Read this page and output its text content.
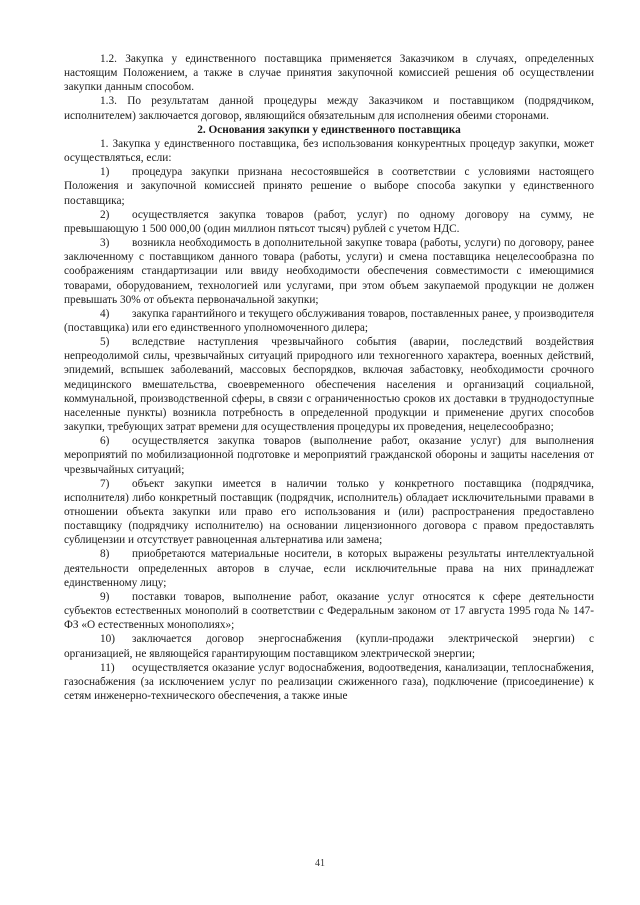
1.2. Закупка у единственного поставщика применяется Заказчиком в случаях, определенных настоящим Положением, а также в случае принятия закупочной комиссией решения об осуществлении закупки данным способом.

1.3. По результатам данной процедуры между Заказчиком и поставщиком (подрядчиком, исполнителем) заключается договор, являющийся обязательным для исполнения обеими сторонами.

2. Основания закупки у единственного поставщика

1. Закупка у единственного поставщика, без использования конкурентных процедур закупки, может осуществляться, если:

1) процедура закупки признана несостоявшейся в соответствии с условиями настоящего Положения и закупочной комиссией принято решение о выборе способа закупки у единственного поставщика;

2) осуществляется закупка товаров (работ, услуг) по одному договору на сумму, не превышающую 1 500 000,00 (один миллион пятьсот тысяч) рублей с учетом НДС.

3) возникла необходимость в дополнительной закупке товара (работы, услуги) по договору, ранее заключенному с поставщиком данного товара (работы, услуги) и смена поставщика нецелесообразна по соображениям стандартизации или ввиду необходимости обеспечения совместимости с имеющимися товарами, оборудованием, технологией или услугами, при этом объем закупаемой продукции не должен превышать 30% от объекта первоначальной закупки;

4) закупка гарантийного и текущего обслуживания товаров, поставленных ранее, у производителя (поставщика) или его единственного уполномоченного дилера;

5) вследствие наступления чрезвычайного события (аварии, последствий воздействия непреодолимой силы, чрезвычайных ситуаций природного или техногенного характера, военных действий, эпидемий, вспышек заболеваний, массовых беспорядков, включая забастовку, необходимости срочного медицинского вмешательства, своевременного обеспечения населения и организаций социальной, коммунальной, производственной сферы, в связи с ограниченностью сроков их доставки в труднодоступные населенные пункты) возникла потребность в определенной продукции и применение других способов закупки, требующих затрат времени для осуществления процедуры их проведения, нецелесообразно;

6) осуществляется закупка товаров (выполнение работ, оказание услуг) для выполнения мероприятий по мобилизационной подготовке и мероприятий гражданской обороны и защиты населения от чрезвычайных ситуаций;

7) объект закупки имеется в наличии только у конкретного поставщика (подрядчика, исполнителя) либо конкретный поставщик (подрядчик, исполнитель) обладает исключительными правами в отношении объекта закупки или право его использования и (или) распространения предоставлено поставщику (подрядчику исполнителю) на основании лицензионного договора с правом предоставлять сублицензии и отсутствует равноценная альтернатива или замена;

8) приобретаются материальные носители, в которых выражены результаты интеллектуальной деятельности определенных авторов в случае, если исключительные права на них принадлежат единственному лицу;

9) поставки товаров, выполнение работ, оказание услуг относятся к сфере деятельности субъектов естественных монополий в соответствии с Федеральным законом от 17 августа 1995 года № 147-ФЗ «О естественных монополиях»;

10) заключается договор энергоснабжения (купли-продажи электрической энергии) с организацией, не являющейся гарантирующим поставщиком электрической энергии;

11) осуществляется оказание услуг водоснабжения, водоотведения, канализации, теплоснабжения, газоснабжения (за исключением услуг по реализации сжиженного газа), подключение (присоединение) к сетям инженерно-технического обеспечения, а также иные

41
